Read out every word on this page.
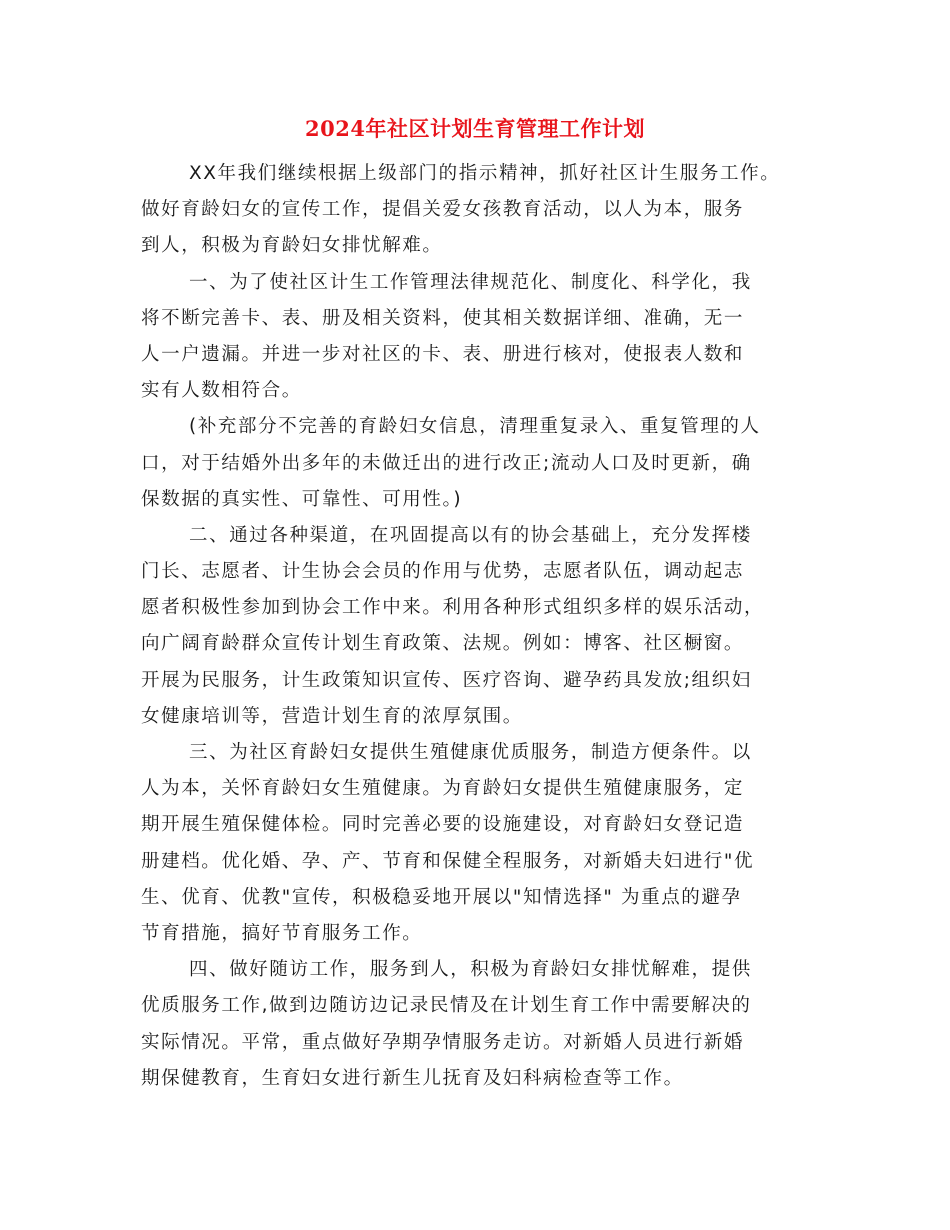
2024年社区计划生育管理工作计划
XX年我们继续根据上级部门的指示精神，抓好社区计生服务工作。
做好育龄妇女的宣传工作，提倡关爱女孩教育活动，以人为本，服务
到人，积极为育龄妇女排忧解难。
一、为了使社区计生工作管理法律规范化、制度化、科学化，我
将不断完善卡、表、册及相关资料，使其相关数据详细、准确，无一
人一户遗漏。并进一步对社区的卡、表、册进行核对，使报表人数和
实有人数相符合。
(补充部分不完善的育龄妇女信息，清理重复录入、重复管理的人
口，对于结婚外出多年的未做迁出的进行改正;流动人口及时更新，确
保数据的真实性、可靠性、可用性。)
二、通过各种渠道，在巩固提高以有的协会基础上，充分发挥楼
门长、志愿者、计生协会会员的作用与优势，志愿者队伍，调动起志
愿者积极性参加到协会工作中来。利用各种形式组织多样的娱乐活动，
向广阔育龄群众宣传计划生育政策、法规。例如：博客、社区橱窗。
开展为民服务，计生政策知识宣传、医疗咨询、避孕药具发放;组织妇
女健康培训等，营造计划生育的浓厚氛围。
三、为社区育龄妇女提供生殖健康优质服务，制造方便条件。以
人为本，关怀育龄妇女生殖健康。为育龄妇女提供生殖健康服务，定
期开展生殖保健体检。同时完善必要的设施建设，对育龄妇女登记造
册建档。优化婚、孕、产、节育和保健全程服务，对新婚夫妇进行"优
生、优育、优教"宣传，积极稳妥地开展以"知情选择" 为重点的避孕
节育措施，搞好节育服务工作。
四、做好随访工作，服务到人，积极为育龄妇女排忧解难，提供
优质服务工作,做到边随访边记录民情及在计划生育工作中需要解决的
实际情况。平常，重点做好孕期孕情服务走访。对新婚人员进行新婚
期保健教育，生育妇女进行新生儿抚育及妇科病检查等工作。
